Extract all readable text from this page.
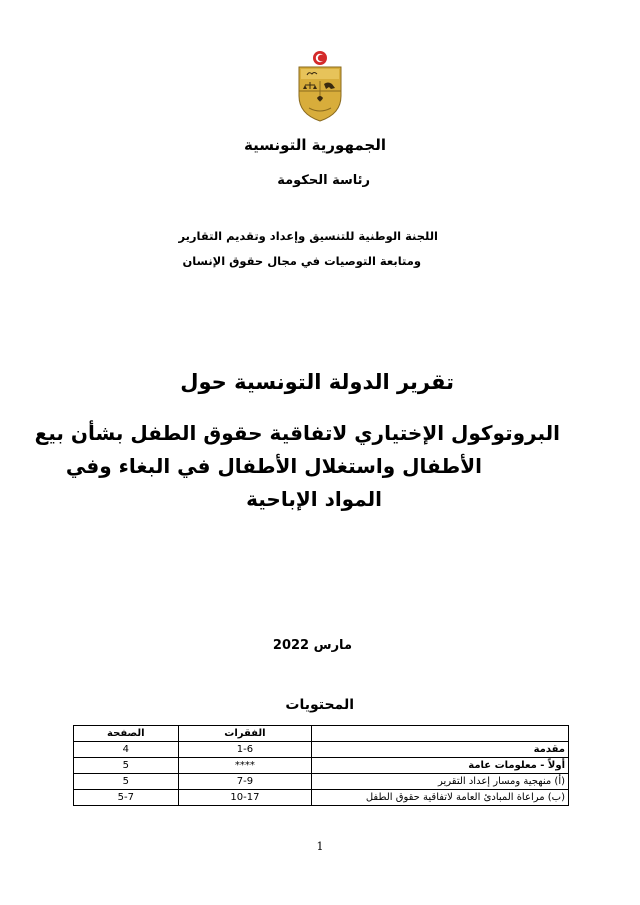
الجمهورية التونسية
رئاسة الحكومة
اللجنة الوطنية للتنسيق وإعداد وتقديم التقارير
ومتابعة التوصيات في مجال حقوق الإنسان
تقرير الدولة التونسية حول
البروتوكول الإختياري لاتفاقية حقوق الطفل بشأن بيع
الأطفال واستغلال الأطفال في البغاء وفي
المواد الإباحية
مارس 2022
المحتويات
	الفقرات	الصفحة
مقدمة	1-6	4
أولاً - معلومات عامة	****	5
(أ) منهجية ومسار إعداد التقرير	7-9	5
(ب) مراعاة المبادئ العامة لاتفاقية حقوق الطفل	10-17	5-7
1
